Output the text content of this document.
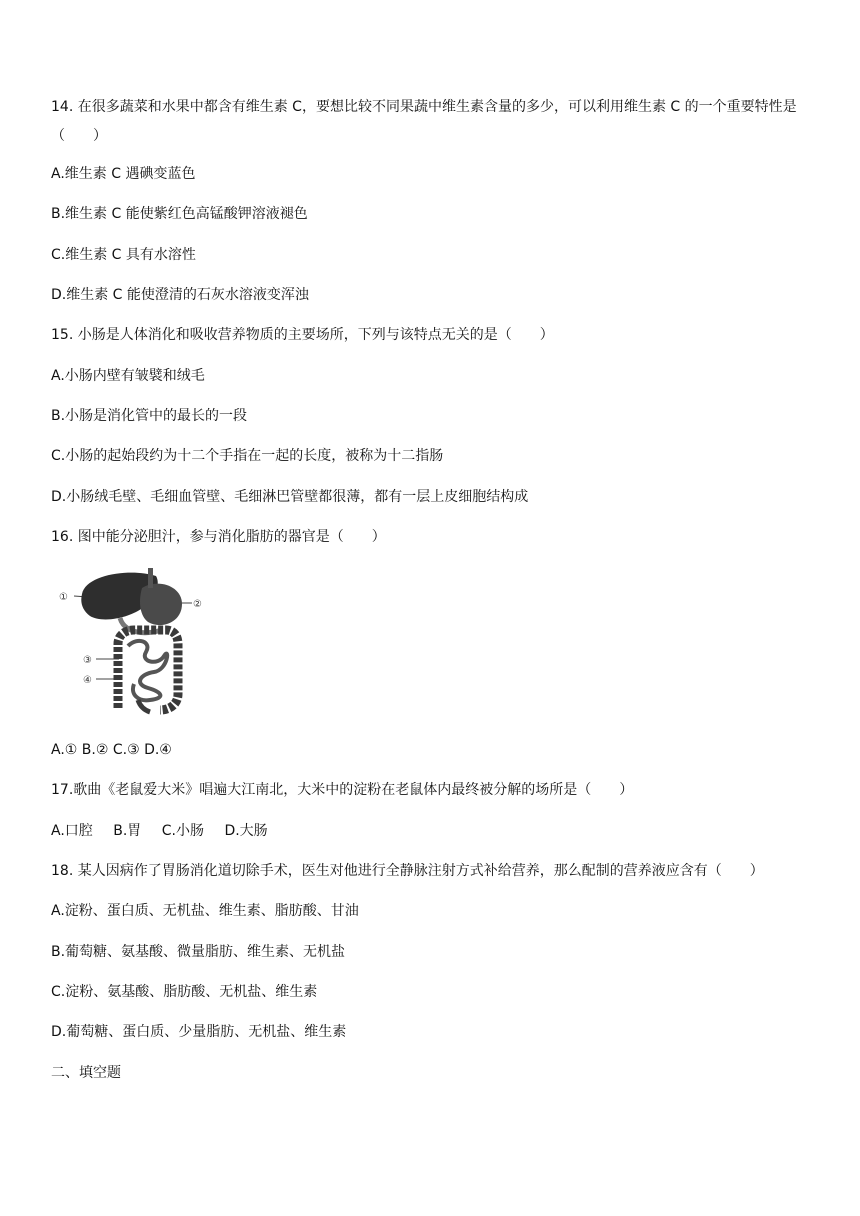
14. 在很多蔬菜和水果中都含有维生素 C，要想比较不同果蔬中维生素含量的多少，可以利用维生素 C 的一个重要特性是（　　）
A.维生素 C 遇碘变蓝色
B.维生素 C 能使紫红色高锰酸钾溶液褪色
C.维生素 C 具有水溶性
D.维生素 C 能使澄清的石灰水溶液变浑浊
15. 小肠是人体消化和吸收营养物质的主要场所，下列与该特点无关的是（　　）
A.小肠内壁有皱襞和绒毛
B.小肠是消化管中的最长的一段
C.小肠的起始段约为十二个手指在一起的长度，被称为十二指肠
D.小肠绒毛壁、毛细血管壁、毛细淋巴管壁都很薄，都有一层上皮细胞结构成
16. 图中能分泌胆汁，参与消化脂肪的器官是（　　）
①
②
③
④
A.① B.② C.③ D.④
17.歌曲《老鼠爱大米》唱遍大江南北，大米中的淀粉在老鼠体内最终被分解的场所是（　　）
A.口腔 B.胃 C.小肠 D.大肠
18. 某人因病作了胃肠消化道切除手术，医生对他进行全静脉注射方式补给营养，那么配制的营养液应含有（　　）
A.淀粉、蛋白质、无机盐、维生素、脂肪酸、甘油
B.葡萄糖、氨基酸、微量脂肪、维生素、无机盐
C.淀粉、氨基酸、脂肪酸、无机盐、维生素
D.葡萄糖、蛋白质、少量脂肪、无机盐、维生素
二、填空题
